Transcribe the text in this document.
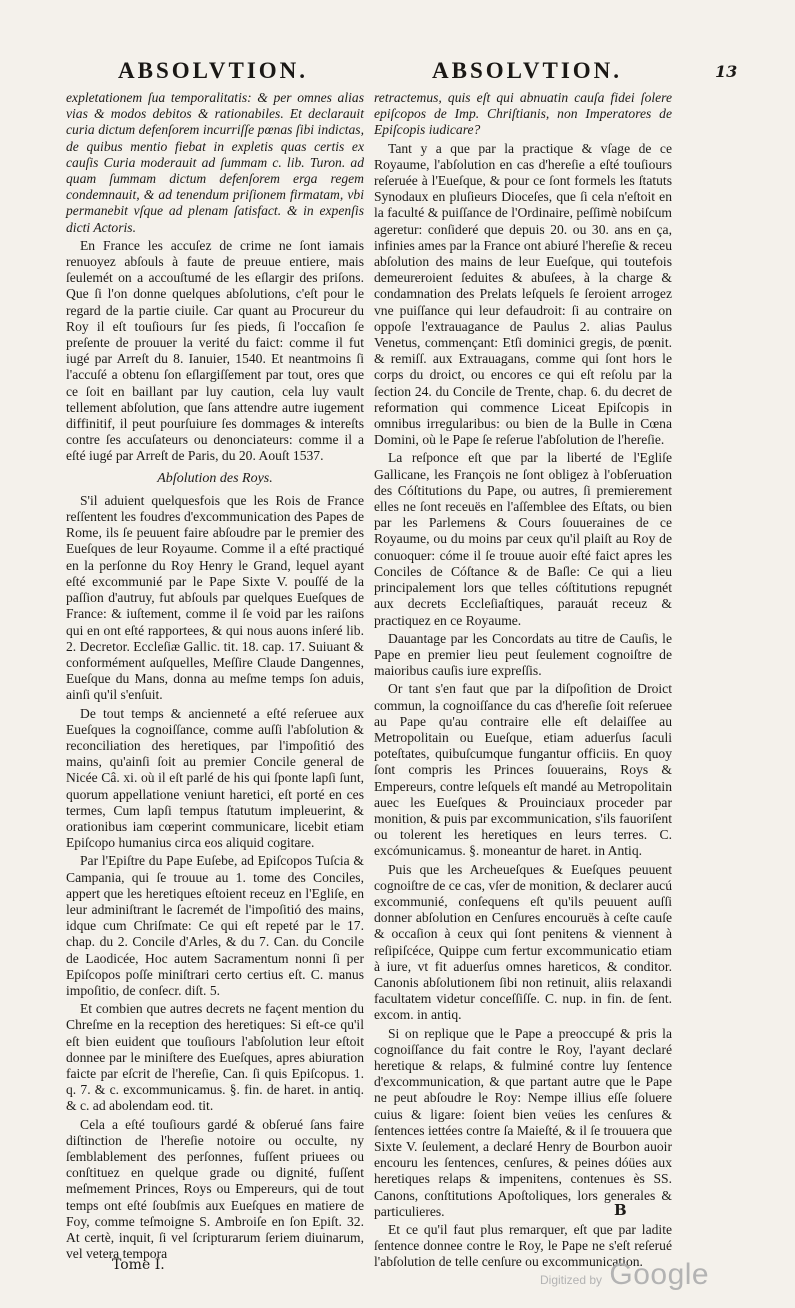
ABSOLVTION.	ABSOLVTION.	13

expletationem ſua temporalitatis: & per omnes alias vias & modos debitos & rationabiles. Et declarauit curia dictum defenſorem incurriſſe pœnas ſibi indictas, de quibus mentio fiebat in expletis quas certis ex cauſis Curia moderauit ad ſummam c. lib. Turon. ad quam ſummam dictum defenſorem erga regem condemnauit, & ad tenendum priſionem firmatam, vbi permanebit vſque ad plenam ſatisfact. & in expenſis dicti Actoris.

En France les accuſez de crime ne ſont iamais renuoyez abſouls à faute de preuue entiere, mais ſeulemét on a accouſtumé de les eſlargir des priſons. Que ſi l'on donne quelques abſolutions, c'eſt pour le regard de la partie ciuile. Car quant au Procureur du Roy il eſt touſiours ſur ſes pieds, ſi l'occaſion ſe preſente de prouuer la verité du faict: comme il fut iugé par Arreſt du 8. Ianuier, 1540. Et neantmoins ſi l'accuſé a obtenu ſon eſlargiſſement par tout, ores que ce ſoit en baillant par luy caution, cela luy vault tellement abſolution, que ſans attendre autre iugement diffinitif, il peut pourſuiure ſes dommages & intereſts contre ſes accuſateurs ou denonciateurs: comme il a eſté iugé par Arreſt de Paris, du 20. Aouſt 1537.

Abſolution des Roys.

S'il aduient quelquesfois que les Rois de France reſſentent les foudres d'excommunication des Papes de Rome, ils ſe peuuent faire abſoudre par le premier des Eueſques de leur Royaume. Comme il a eſté practiqué en la perſonne du Roy Henry le Grand, lequel ayant eſté excommunié par le Pape Sixte V. pouſſé de la paſſion d'autruy, fut abſouls par quelques Eueſques de France: & iuſtement, comme il ſe void par les raiſons qui en ont eſté rapportees, & qui nous auons inſeré lib. 2. Decretor. Eccleſiæ Gallic. tit. 18. cap. 17. Suiuant & conformément auſquelles, Meſſire Claude Dangennes, Eueſque du Mans, donna au meſme temps ſon aduis, ainſi qu'il s'enſuit.

De tout temps & ancienneté a eſté reſeruee aux Eueſques la cognoiſſance, comme auſſi l'abſolution & reconciliation des heretiques, par l'impoſitió des mains, qu'ainſi ſoit au premier Concile general de Nicée Câ. xi. où il eſt parlé de his qui ſponte lapſi ſunt, quorum appellatione veniunt haretici, eſt porté en ces termes, Cum lapſi tempus ſtatutum impleuerint, & orationibus iam cœperint communicare, licebit etiam Epiſcopo humanius circa eos aliquid cogitare.

Par l'Epiſtre du Pape Euſebe, ad Epiſcopos Tuſcia & Campania, qui ſe trouue au 1. tome des Conciles, appert que les heretiques eſtoient receuz en l'Egliſe, en leur adminiſtrant le ſacremét de l'impoſitió des mains, idque cum Chriſmate: Ce qui eſt repeté par le 17. chap. du 2. Concile d'Arles, & du 7. Can. du Concile de Laodicée, Hoc autem Sacramentum nonni ſi per Epiſcopos poſſe miniſtrari certo certius eſt. C. manus impoſitio, de conſecr. diſt. 5.

Et combien que autres decrets ne façent mention du Chreſme en la reception des heretiques: Si eſt-ce qu'il eſt bien euident que touſiours l'abſolution leur eſtoit donnee par le miniſtere des Eueſques, apres abiuration faicte par eſcrit de l'hereſie, Can. ſi quis Epiſcopus. 1. q. 7. & c. excommunicamus. §. fin. de haret. in antiq. & c. ad abolendam eod. tit.

Cela a eſté touſiours gardé & obſerué ſans faire diſtinction de l'hereſie notoire ou occulte, ny ſemblablement des perſonnes, fuſſent priuees ou conſtituez en quelque grade ou dignité, fuſſent meſmement Princes, Roys ou Empereurs, qui de tout temps ont eſté ſoubſmis aux Eueſques en matiere de Foy, comme teſmoigne S. Ambroiſe en ſon Epiſt. 32. At certè, inquit, ſi vel ſcripturarum ſeriem diuinarum, vel vetera tempora

retractemus, quis eſt qui abnuatin cauſa fidei ſolere epiſcopos de Imp. Chriſtianis, non Imperatores de Epiſcopis iudicare?

Tant y a que par la practique & vſage de ce Royaume, l'abſolution en cas d'hereſie a eſté touſiours reſeruée à l'Eueſque, & pour ce ſont formels les ſtatuts Synodaux en pluſieurs Dioceſes, que ſi cela n'eſtoit en la faculté & puiſſance de l'Ordinaire, peſſimè nobiſcum ageretur: conſideré que depuis 20. ou 30. ans en ça, infinies ames par la France ont abiuré l'hereſie & receu abſolution des mains de leur Eueſque, qui toutefois demeureroient ſeduites & abuſees, à la charge & condamnation des Prelats leſquels ſe ſeroient arrogez vne puiſſance qui leur defaudroit: ſi au contraire on oppoſe l'extrauagance de Paulus 2. alias Paulus Venetus, commençant: Etſi dominici gregis, de pœnit. & remiſſ. aux Extrauagans, comme qui ſont hors le corps du droict, ou encores ce qui eſt reſolu par la ſection 24. du Concile de Trente, chap. 6. du decret de reformation qui commence Liceat Epiſcopis in omnibus irregularibus: ou bien de la Bulle in Cœna Domini, où le Pape ſe reſerue l'abſolution de l'hereſie.

La reſponce eſt que par la liberté de l'Egliſe Gallicane, les François ne ſont obligez à l'obſeruation des Cóſtitutions du Pape, ou autres, ſi premierement elles ne ſont receuës en l'aſſemblee des Eſtats, ou bien par les Parlemens & Cours ſouueraines de ce Royaume, ou du moins par ceux qu'il plaiſt au Roy de conuoquer: cóme il ſe trouue auoir eſté faict apres les Conciles de Cóſtance & de Baſle: Ce qui a lieu principalement lors que telles cóſtitutions repugnét aux decrets Eccleſiaſtiques, parauát receuz & practiquez en ce Royaume.

Dauantage par les Concordats au titre de Cauſis, le Pape en premier lieu peut ſeulement cognoiſtre de maioribus cauſis iure expreſſis.

Or tant s'en faut que par la diſpoſition de Droict commun, la cognoiſſance du cas d'hereſie ſoit reſeruee au Pape qu'au contraire elle eſt delaiſſee au Metropolitain ou Eueſque, etiam aduerſus ſaculi poteſtates, quibuſcumque fungantur officiis. En quoy ſont compris les Princes ſouuerains, Roys & Empereurs, contre leſquels eſt mandé au Metropolitain auec les Eueſques & Prouinciaux proceder par monition, & puis par excommunication, s'ils fauoriſent ou tolerent les heretiques en leurs terres. C. excómunicamus. §. moneantur de haret. in Antiq.

Puis que les Archeueſques & Eueſques peuuent cognoiſtre de ce cas, vſer de monition, & declarer aucú excommunié, conſequens eſt qu'ils peuuent auſſi donner abſolution en Cenſures encouruës à ceſte cauſe & occaſion à ceux qui ſont penitens & viennent à reſipiſcéce, Quippe cum fertur excommunicatio etiam à iure, vt fit aduerſus omnes hareticos, & conditor. Canonis abſolutionem ſibi non retinuit, aliis relaxandi facultatem videtur conceſſiſſe. C. nup. in fin. de ſent. excom. in antiq.

Si on replique que le Pape a preoccupé & pris la cognoiſſance du fait contre le Roy, l'ayant declaré heretique & relaps, & fulminé contre luy ſentence d'excommunication, & que partant autre que le Pape ne peut abſoudre le Roy: Nempe illius eſſe ſoluere cuius & ligare: ſoient bien veües les cenſures & ſentences iettées contre ſa Maieſté, & il ſe trouuera que Sixte V. ſeulement, a declaré Henry de Bourbon auoir encouru les ſentences, cenſures, & peines dóües aux heretiques relaps & impenitens, contenues ès SS. Canons, conſtitutions Apoſtoliques, lors generales & particulieres.

Et ce qu'il faut plus remarquer, eſt que par ladite ſentence donnee contre le Roy, le Pape ne s'eſt reſerué l'abſolution de telle cenſure ou excommunication.

Tome I.
B
Digitized by Google
